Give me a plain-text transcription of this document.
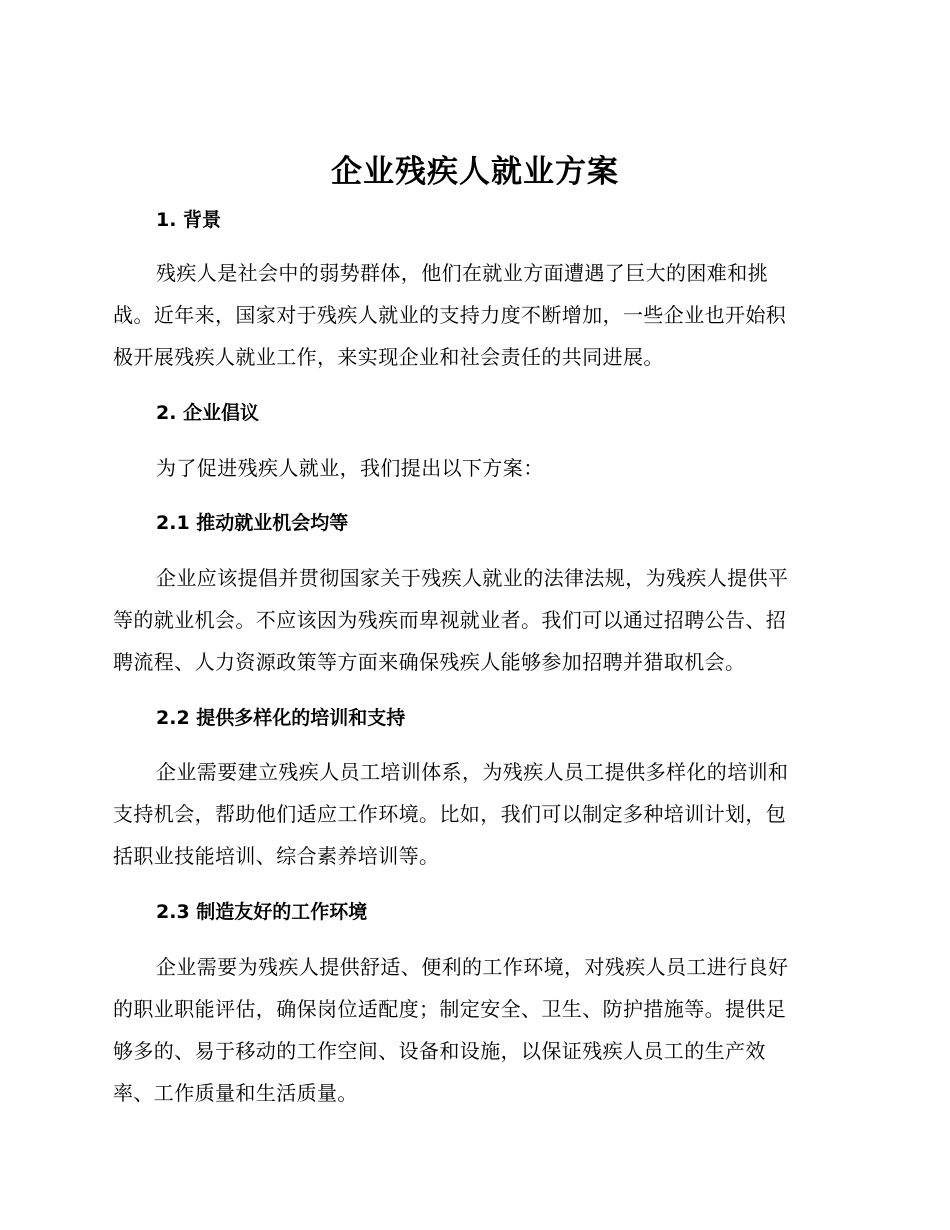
企业残疾人就业方案
1. 背景
残疾人是社会中的弱势群体，他们在就业方面遭遇了巨大的困难和挑
战。近年来，国家对于残疾人就业的支持力度不断增加，一些企业也开始积
极开展残疾人就业工作，来实现企业和社会责任的共同进展。
2. 企业倡议
为了促进残疾人就业，我们提出以下方案：
2.1 推动就业机会均等
企业应该提倡并贯彻国家关于残疾人就业的法律法规，为残疾人提供平
等的就业机会。不应该因为残疾而卑视就业者。我们可以通过招聘公告、招
聘流程、人力资源政策等方面来确保残疾人能够参加招聘并猎取机会。
2.2 提供多样化的培训和支持
企业需要建立残疾人员工培训体系，为残疾人员工提供多样化的培训和
支持机会，帮助他们适应工作环境。比如，我们可以制定多种培训计划，包
括职业技能培训、综合素养培训等。
2.3 制造友好的工作环境
企业需要为残疾人提供舒适、便利的工作环境，对残疾人员工进行良好
的职业职能评估，确保岗位适配度；制定安全、卫生、防护措施等。提供足
够多的、易于移动的工作空间、设备和设施，以保证残疾人员工的生产效
率、工作质量和生活质量。
